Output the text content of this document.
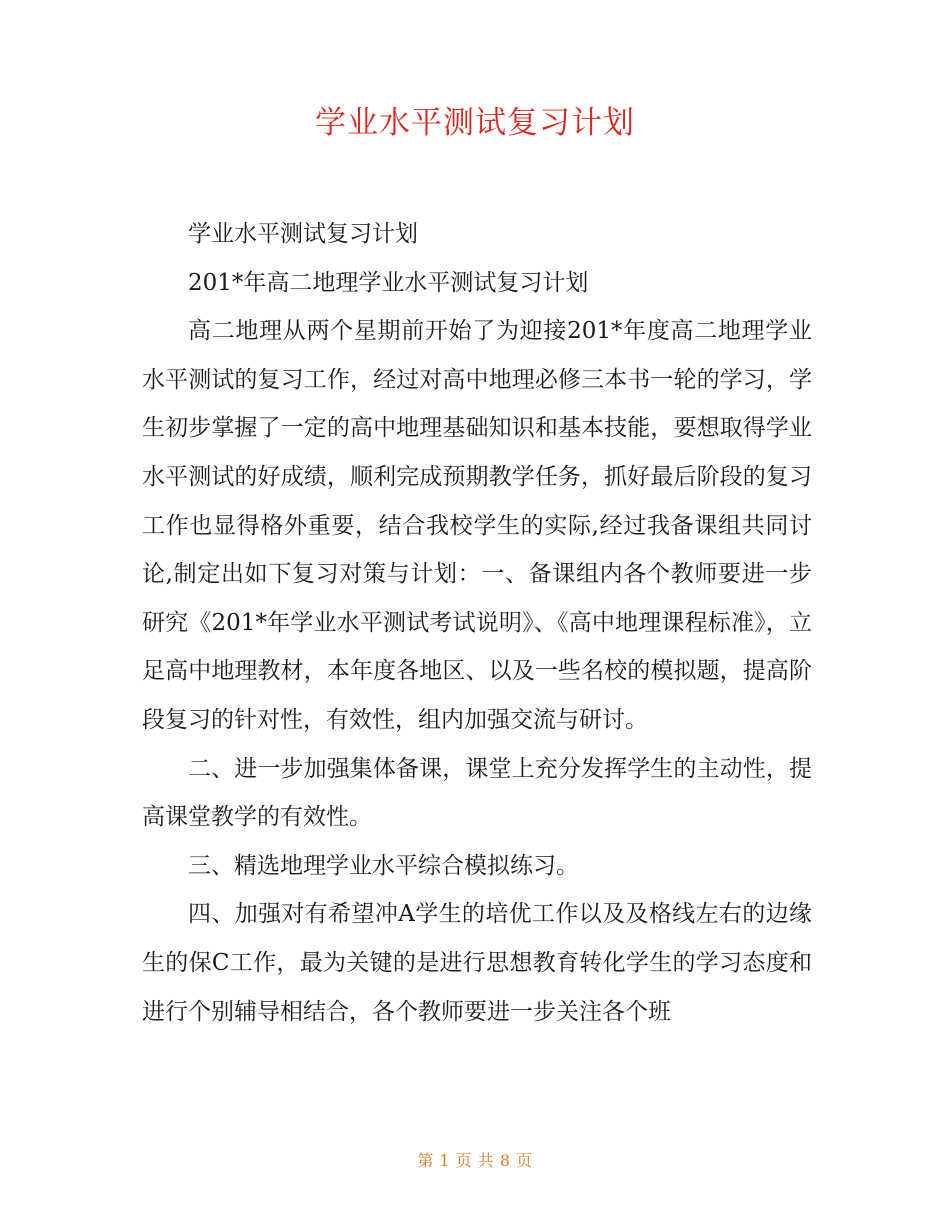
学业水平测试复习计划

学业水平测试复习计划

201*年高二地理学业水平测试复习计划

高二地理从两个星期前开始了为迎接201*年度高二地理学业水平测试的复习工作，经过对高中地理必修三本书一轮的学习，学生初步掌握了一定的高中地理基础知识和基本技能，要想取得学业水平测试的好成绩，顺利完成预期教学任务，抓好最后阶段的复习工作也显得格外重要，结合我校学生的实际,经过我备课组共同讨论,制定出如下复习对策与计划：一、备课组内各个教师要进一步研究《201*年学业水平测试考试说明》、《高中地理课程标准》，立足高中地理教材，本年度各地区、以及一些名校的模拟题，提高阶段复习的针对性，有效性，组内加强交流与研讨。

二、进一步加强集体备课，课堂上充分发挥学生的主动性，提高课堂教学的有效性。

三、精选地理学业水平综合模拟练习。

四、加强对有希望冲A学生的培优工作以及及格线左右的边缘生的保C工作，最为关键的是进行思想教育转化学生的学习态度和进行个别辅导相结合，各个教师要进一步关注各个班

第 1 页 共 8 页
